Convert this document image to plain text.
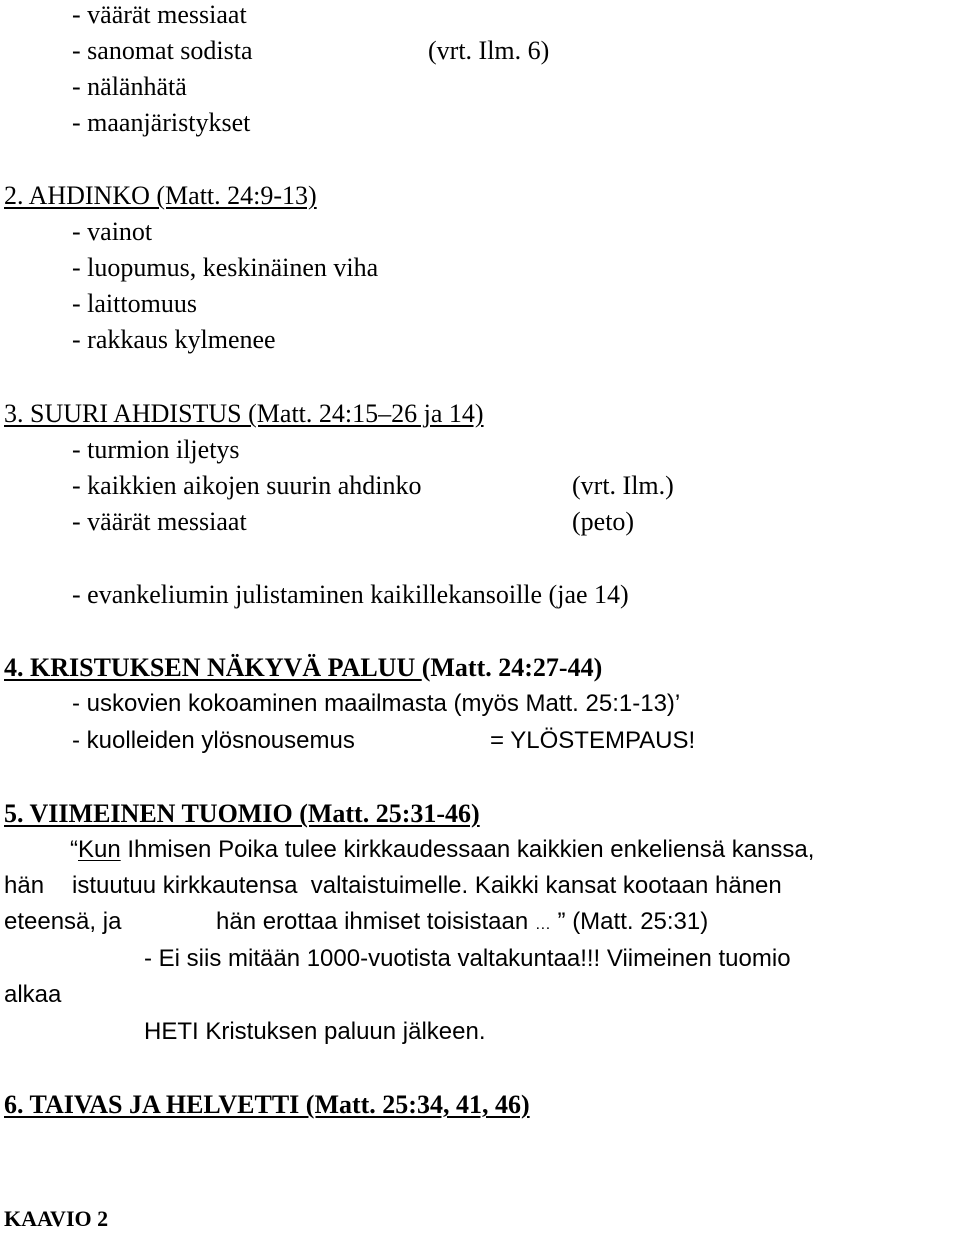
- väärät messiaat
- sanomat sodista	(vrt. Ilm. 6)
- nälänhätä
- maanjäristykset
2. AHDINKO (Matt. 24:9-13)
- vainot
- luopumus, keskinäinen viha
- laittomuus
- rakkaus kylmenee
3. SUURI AHDISTUS (Matt. 24:15–26 ja 14)
- turmion iljetys
- kaikkien aikojen suurin ahdinko	(vrt. Ilm.)
- väärät messiaat	(peto)
- evankeliumin julistaminen kaikillekansoille (jae 14)
4. KRISTUKSEN NÄKYVÄ PALUU (Matt. 24:27-44)
- uskovien kokoaminen maailmasta (myös Matt. 25:1-13)’
- kuolleiden ylösnousemus	= YLÖSTEMPAUS!
5. VIIMEINEN TUOMIO (Matt. 25:31-46)
“Kun Ihmisen Poika tulee kirkkaudessaan kaikkien enkeliensä kanssa,
hän istuutuu kirkkautensa  valtaistuimelle. Kaikki kansat kootaan hänen
eteensä, ja	hän erottaa ihmiset toisistaan … ” (Matt. 25:31)
- Ei siis mitään 1000-vuotista valtakuntaa!!! Viimeinen tuomio
alkaa
HETI Kristuksen paluun jälkeen.
6. TAIVAS JA HELVETTI (Matt. 25:34, 41, 46)
KAAVIO 2
